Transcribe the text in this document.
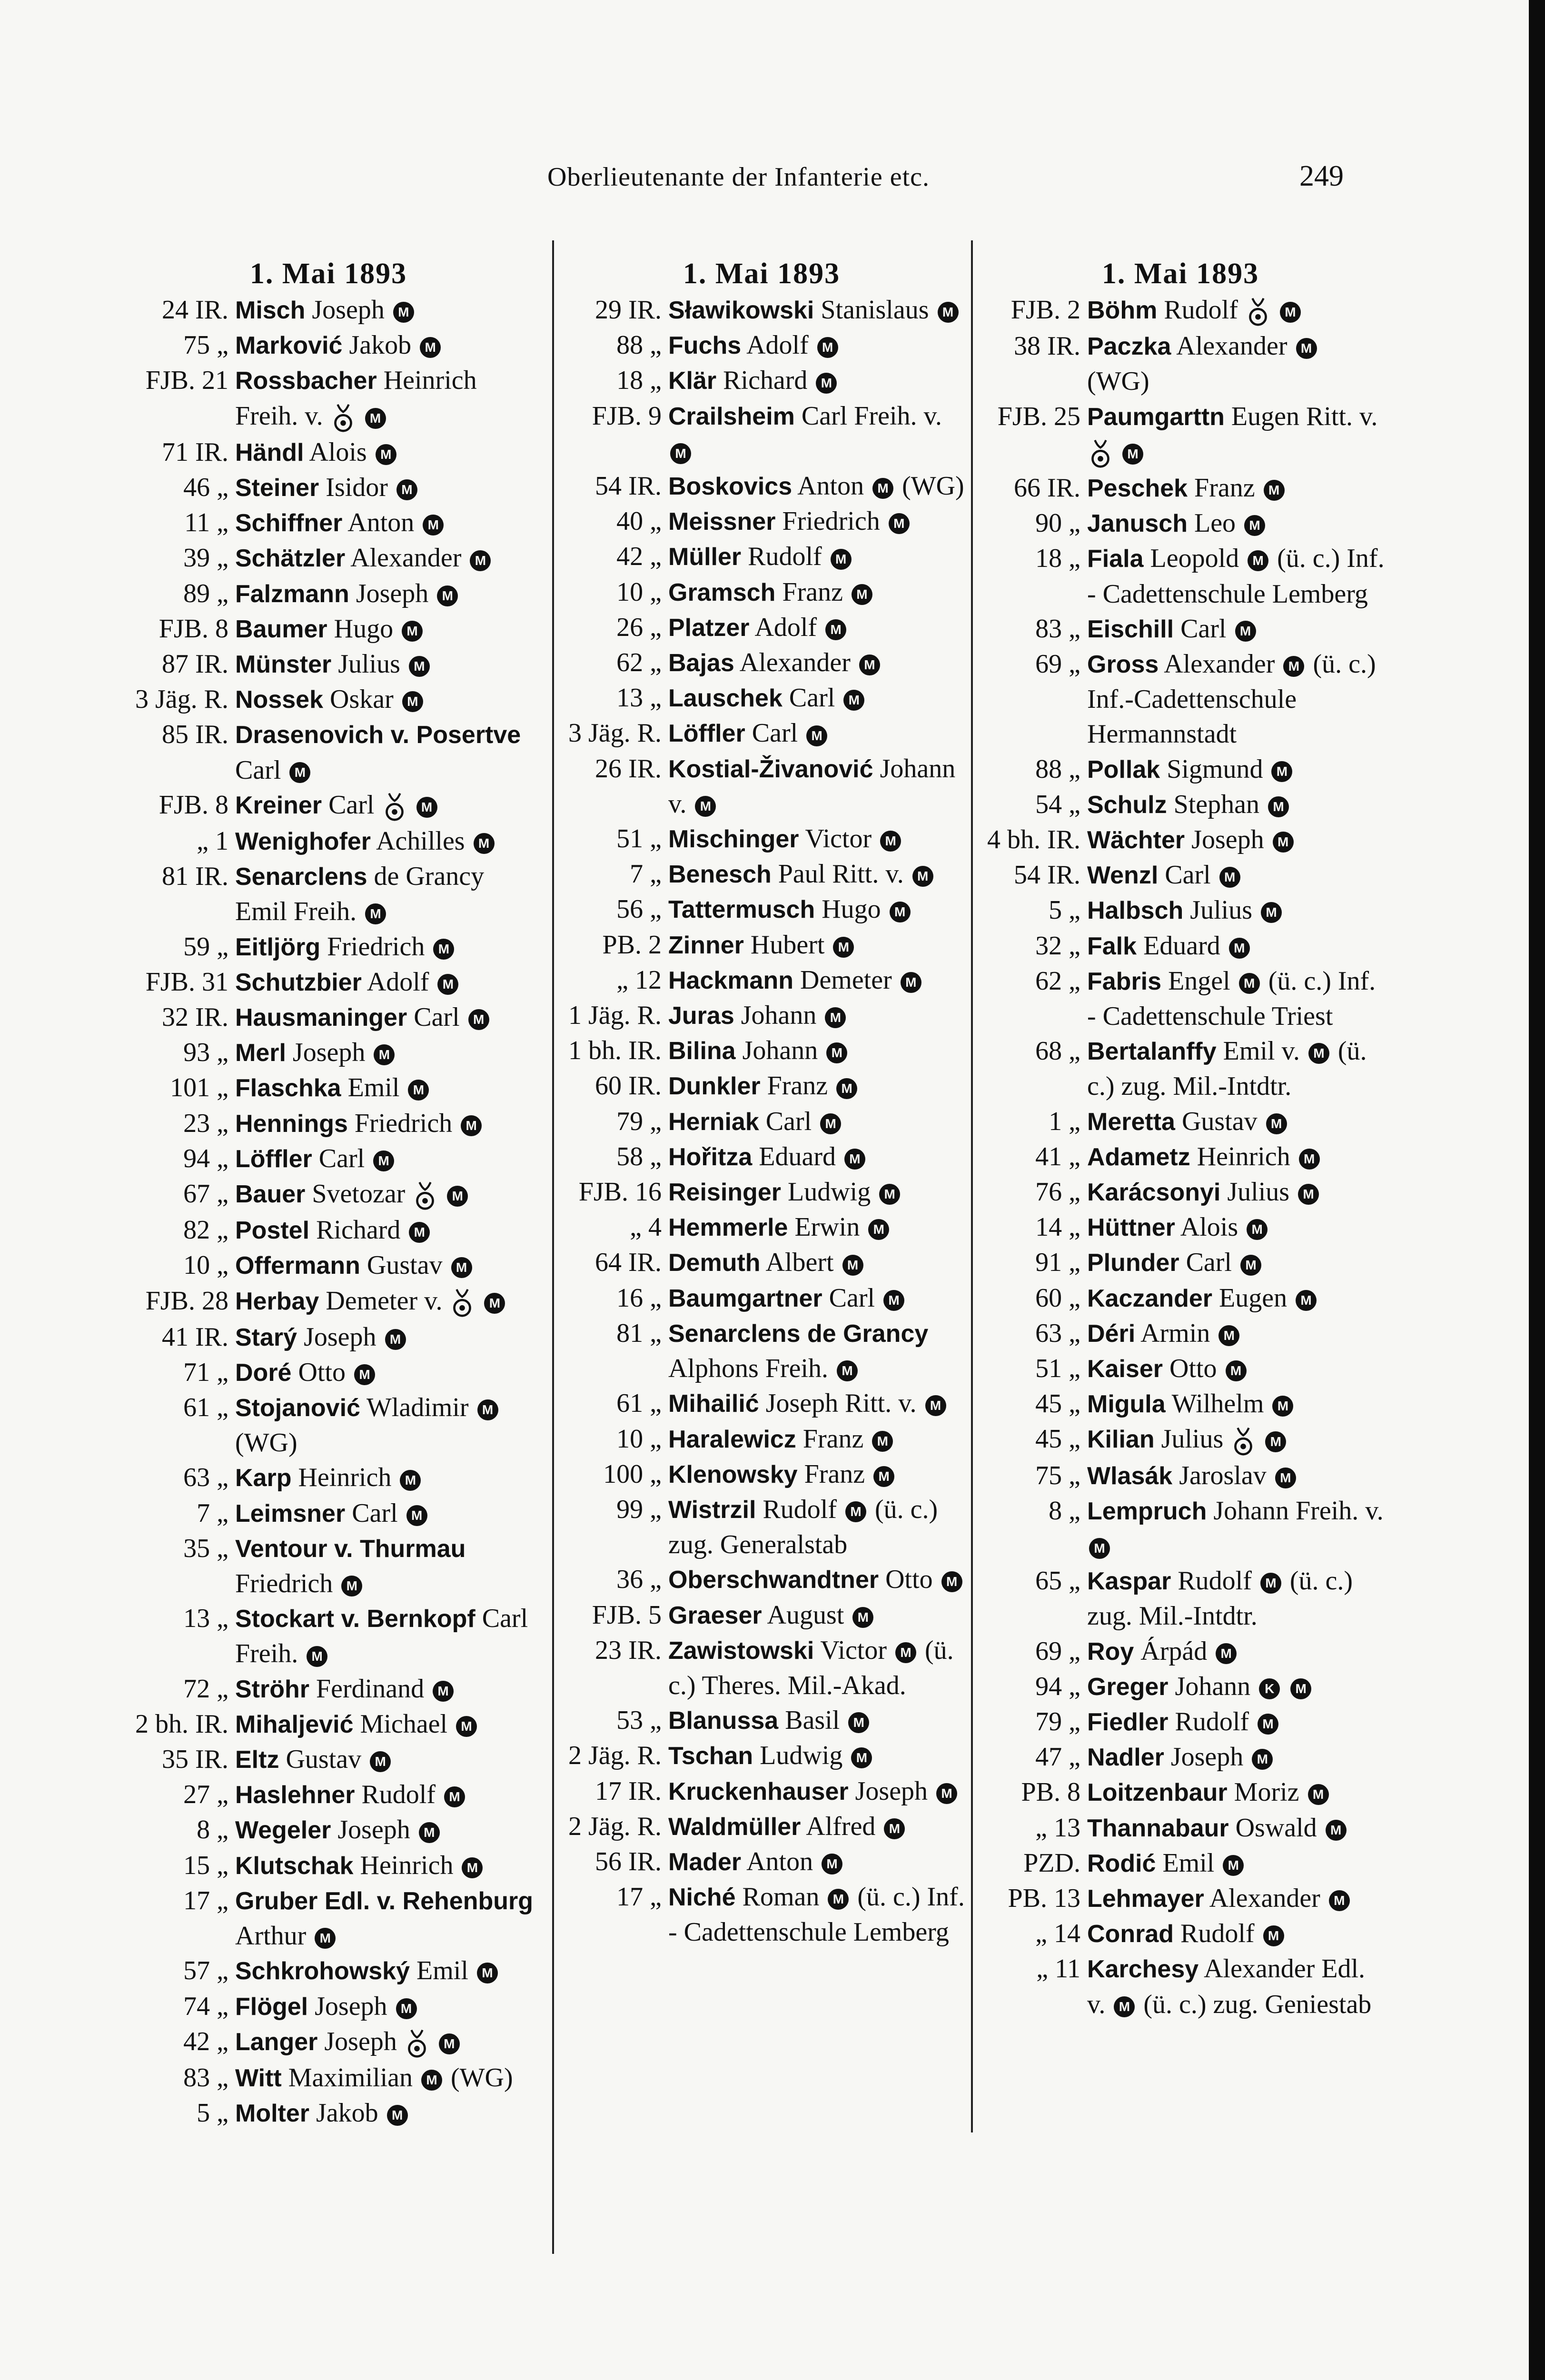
Oberlieutenante der Infanterie etc.	249
1. Mai 1893
24 IR. Misch Joseph M
75 „ Marković Jakob M
FJB. 21 Rossbacher Heinrich Freih. v.	M
71 IR. Händl Alois M
46 „ Steiner Isidor M
11 „ Schiffner Anton M
39 „ Schätzler Alexander M
89 „ Falzmann Joseph M
FJB. 8 Baumer Hugo M
87 IR. Münster Julius M
3 Jäg. R. Nossek Oskar M
85 IR. Drasenovich v. Posertve Carl M
FJB. 8 Kreiner Carl	M
„ 1 Wenighofer Achilles M
81 IR. Senarclens de Grancy Emil Freih. M
59 „ Eitljörg Friedrich M
FJB. 31 Schutzbier Adolf M
32 IR. Hausmaninger Carl M
93 „ Merl Joseph M
101 „ Flaschka Emil M
23 „ Hennings Friedrich M
94 „ Löffler Carl M
67 „ Bauer Svetozar	M
82 „ Postel Richard M
10 „ Offermann Gustav M
FJB. 28 Herbay Demeter v.	M
41 IR. Starý Joseph M
71 „ Doré Otto M
61 „ Stojanović Wladimir M (WG)
63 „ Karp Heinrich M
7 „ Leimsner Carl M
35 „ Ventour v. Thurmau Friedrich M
13 „ Stockart v. Bernkopf Carl Freih. M
72 „ Ströhr Ferdinand M
2 bh. IR. Mihaljević Michael M
35 IR. Eltz Gustav M
27 „ Haslehner Rudolf M
8 „ Wegeler Joseph M
15 „ Klutschak Heinrich M
17 „ Gruber Edl. v. Rehenburg Arthur M
57 „ Schkrohowský Emil M
74 „ Flögel Joseph M
42 „ Langer Joseph	M
83 „ Witt Maximilian M (WG)
5 „ Molter Jakob M
1. Mai 1893
29 IR. Sławikowski Stanislaus M
88 „ Fuchs Adolf M
18 „ Klär Richard M
FJB. 9 Crailsheim Carl Freih. v. M
54 IR. Boskovics Anton M (WG)
40 „ Meissner Friedrich M
42 „ Müller Rudolf M
10 „ Gramsch Franz M
26 „ Platzer Adolf M
62 „ Bajas Alexander M
13 „ Lauschek Carl M
3 Jäg. R. Löffler Carl M
26 IR. Kostial-Živanović Johann v. M
51 „ Mischinger Victor M
7 „ Benesch Paul Ritt. v. M
56 „ Tattermusch Hugo M
PB. 2 Zinner Hubert M
„ 12 Hackmann Demeter M
1 Jäg. R. Juras Johann M
1 bh. IR. Bilina Johann M
60 IR. Dunkler Franz M
79 „ Herniak Carl M
58 „ Hořitza Eduard M
FJB. 16 Reisinger Ludwig M
„ 4 Hemmerle Erwin M
64 IR. Demuth Albert M
16 „ Baumgartner Carl M
81 „ Senarclens de Grancy Alphons Freih. M
61 „ Mihailić Joseph Ritt. v. M
10 „ Haralewicz Franz M
100 „ Klenowsky Franz M
99 „ Wistrzil Rudolf M (ü. c.) zug. Generalstab
36 „ Oberschwandtner Otto M
FJB. 5 Graeser August M
23 IR. Zawistowski Victor M (ü. c.) Theres. Mil.-Akad.
53 „ Blanussa Basil M
2 Jäg. R. Tschan Ludwig M
17 IR. Kruckenhauser Joseph M
2 Jäg. R. Waldmüller Alfred M
56 IR. Mader Anton M
17 „ Niché Roman M (ü. c.) Inf. - Cadettenschule Lemberg
1. Mai 1893
FJB. 2 Böhm Rudolf	M
38 IR. Paczka Alexander M (WG)
FJB. 25 Paumgarttn Eugen Ritt. v.  M
66 IR. Peschek Franz M
90 „ Janusch Leo M
18 „ Fiala Leopold M (ü. c.) Inf. - Cadettenschule Lemberg
83 „ Eischill Carl M
69 „ Gross Alexander M (ü. c.) Inf.-Cadettenschule Hermannstadt
88 „ Pollak Sigmund M
54 „ Schulz Stephan M
4 bh. IR. Wächter Joseph M
54 IR. Wenzl Carl M
5 „ Halbsch Julius M
32 „ Falk Eduard M
62 „ Fabris Engel M (ü. c.) Inf. - Cadettenschule Triest
68 „ Bertalanffy Emil v. M (ü. c.) zug. Mil.-Intdtr.
1 „ Meretta Gustav M
41 „ Adametz Heinrich M
76 „ Karácsonyi Julius M
14 „ Hüttner Alois M
91 „ Plunder Carl M
60 „ Kaczander Eugen M
63 „ Déri Armin M
51 „ Kaiser Otto M
45 „ Migula Wilhelm M
45 „ Kilian Julius	M
75 „ Wlasák Jaroslav M
8 „ Lempruch Johann Freih. v. M
65 „ Kaspar Rudolf M (ü. c.) zug. Mil.-Intdtr.
69 „ Roy Árpád M
94 „ Greger Johann K M
79 „ Fiedler Rudolf M
47 „ Nadler Joseph M
PB. 8 Loitzenbaur Moriz M
„ 13 Thannabaur Oswald M
PZD. Rodić Emil M
PB. 13 Lehmayer Alexander M
„ 14 Conrad Rudolf M
„ 11 Karchesy Alexander Edl. v. M (ü. c.) zug. Geniestab
